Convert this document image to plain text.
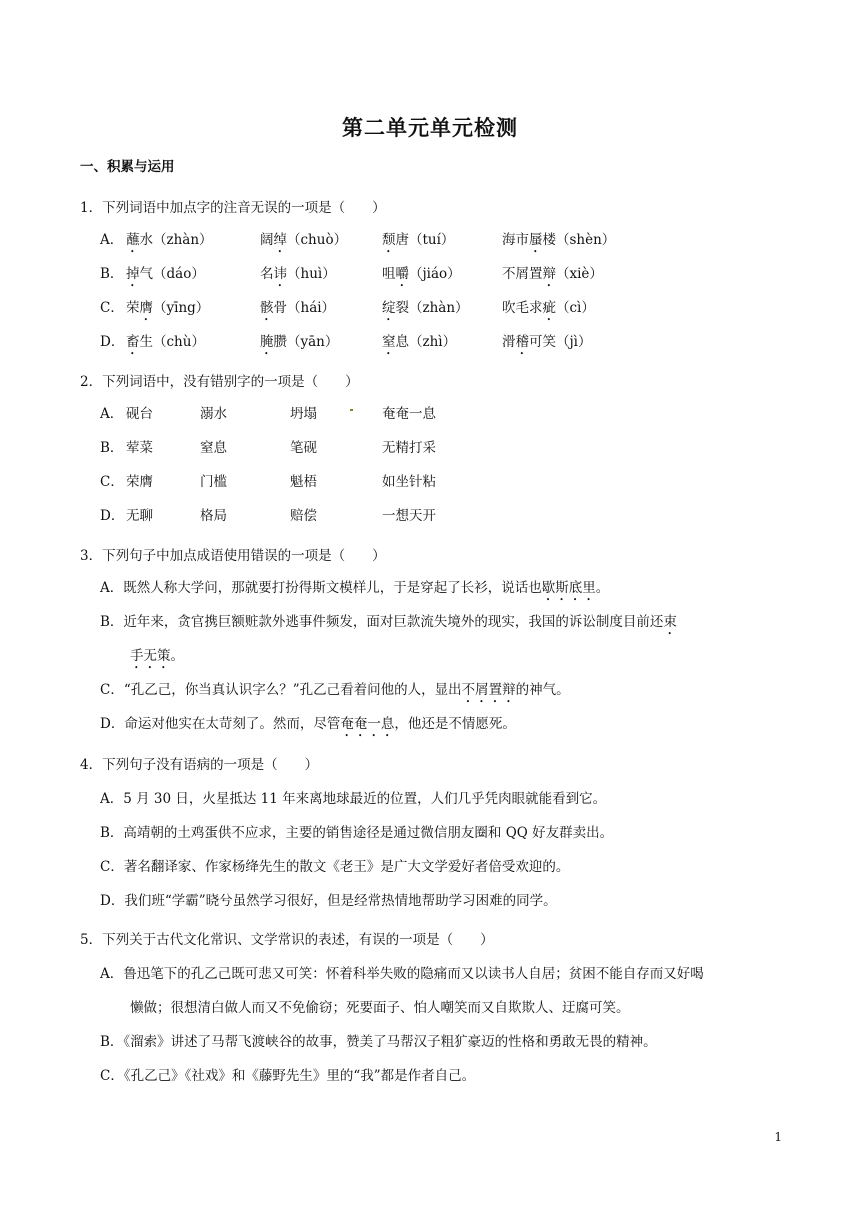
第二单元单元检测
一、积累与运用
1．下列词语中加点字的注音无误的一项是（　　）
A． 蘸水（zhàn）	阔绰（chuò）	颓唐（tuí）	海市蜃楼（shèn）
B． 掉气（dáo）	名讳（huì）	咀嚼（jiáo）	不屑置辩（xiè）
C． 荣膺（yīng）	骸骨（hái）	绽裂（zhàn） 吹毛求疵（cì）
D． 畜生（chù）	腌臜（yān）	窒息（zhì）	滑稽可笑（jì）
2．下列词语中，没有错别字的一项是（　　）
A． 砚台	溺水	坍塌	奄奄一息
B． 荤菜	窒息	笔砚	无精打采
C． 荣膺	门槛	魁梧	如坐针粘
D． 无聊	格局	赔偿	一想天开
3．下列句子中加点成语使用错误的一项是（　　）
A．既然人称大学问，那就要打扮得斯文模样儿，于是穿起了长衫，说话也歇斯底里。
B．近年来，贪官携巨额赃款外逃事件频发，面对巨款流失境外的现实，我国的诉讼制度目前还束
手无策。
C．“孔乙己，你当真认识字么？”孔乙己看着问他的人，显出不屑置辩的神气。
D．命运对他实在太苛刻了。然而，尽管奄奄一息，他还是不情愿死。
4．下列句子没有语病的一项是（　　）
A．5 月 30 日，火星抵达 11 年来离地球最近的位置，人们几乎凭肉眼就能看到它。
B．高靖朝的土鸡蛋供不应求，主要的销售途径是通过微信朋友圈和 QQ 好友群卖出。
C．著名翻译家、作家杨绛先生的散文《老王》是广大文学爱好者倍受欢迎的。
D．我们班“学霸”晓兮虽然学习很好，但是经常热情地帮助学习困难的同学。
5．下列关于古代文化常识、文学常识的表述，有误的一项是（　　）
A．鲁迅笔下的孔乙己既可悲又可笑：怀着科举失败的隐痛而又以读书人自居；贫困不能自存而又好喝
懒做；很想清白做人而又不免偷窃；死要面子、怕人嘲笑而又自欺欺人、迂腐可笑。
B．《溜索》讲述了马帮飞渡峡谷的故事，赞美了马帮汉子粗犷豪迈的性格和勇敢无畏的精神。
C．《孔乙己》《社戏》和《藤野先生》里的“我”都是作者自己。
1
